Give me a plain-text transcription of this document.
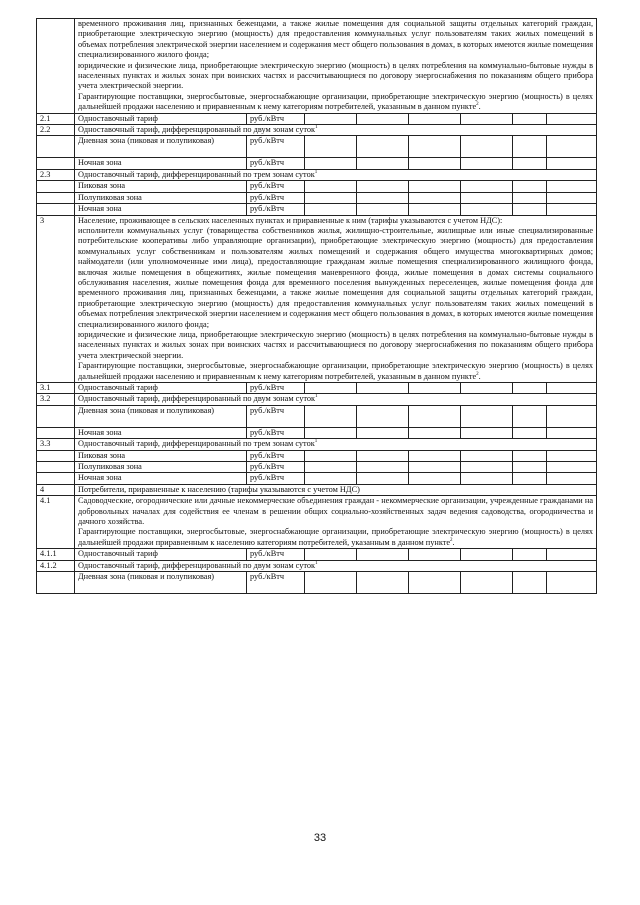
	временного проживания лиц, признанных беженцами, а также жилые помещения для социальной защиты отдельных категорий граждан, приобретающие электрическую энергию (мощность) для предоставления коммунальных услуг пользователям таких жилых помещений в объемах потребления электрической энергии населением и содержания мест общего пользования в домах, в которых имеются жилые помещения специализированного жилого фонда;

юридические и физические лица, приобретающие электрическую энергию (мощность) в целях потребления на коммунально-бытовые нужды в населенных пунктах и жилых зонах при воинских частях и рассчитывающиеся по договору энергоснабжения по показаниям общего прибора учета электрической энергии.

Гарантирующие поставщики, энергосбытовые, энергоснабжающие организации, приобретающие электрическую энергию (мощность) в целях дальнейшей продажи населению и приравненным к нему категориям потребителей, указанным в данном пункте$^2$.							

2.1	Одноставочный тариф	руб./кВтч						
2.2	Одноставочный тариф, дифференцированный по двум зонам суток$^1$
	Дневная зона (пиковая и полупиковая)	руб./кВтч						
	Ночная зона	руб./кВтч						
2.3	Одноставочный тариф, дифференцированный по трем зонам суток$^1$
	Пиковая зона	руб./кВтч						
	Полупиковая зона	руб./кВтч						
	Ночная зона	руб./кВтч						
3	Население, проживающее в сельских населенных пунктах и приравненные к ним (тарифы указываются с учетом НДС):

исполнители коммунальных услуг (товарищества собственников жилья, жилищно-строительные, жилищные или иные специализированные потребительские кооперативы либо управляющие организации), приобретающие электрическую энергию (мощность) для предоставления коммунальных услуг собственникам и пользователям жилых помещений и содержания общего имущества многоквартирных домов; наймодатели (или уполномоченные ими лица), предоставляющие гражданам жилые помещения специализированного жилищного фонда, включая жилые помещения в общежитиях, жилые помещения маневренного фонда, жилые помещения в домах системы социального обслуживания населения, жилые помещения фонда для временного поселения вынужденных переселенцев, жилые помещения фонда для временного проживания лиц, признанных беженцами, а также жилые помещения для социальной защиты отдельных категорий граждан, приобретающие электрическую энергию (мощность) для предоставления коммунальных услуг пользователям таких жилых помещений в объемах потребления электрической энергии населением и содержания мест общего пользования в домах, в которых имеются жилые помещения специализированного жилого фонда;

юридические и физические лица, приобретающие электрическую энергию (мощность) в целях потребления на коммунально-бытовые нужды в населенных пунктах и жилых зонах при воинских частях и рассчитывающиеся по договору энергоснабжения по показаниям общего прибора учета электрической энергии.

Гарантирующие поставщики, энергосбытовые, энергоснабжающие организации, приобретающие электрическую энергию (мощность) в целях дальнейшей продажи населению и приравненным к нему категориям потребителей, указанным в данном пункте$^2$.							

3.1	Одноставочный тариф	руб./кВтч						
3.2	Одноставочный тариф, дифференцированный по двум зонам суток$^1$
	Дневная зона (пиковая и полупиковая)	руб./кВтч						
	Ночная зона	руб./кВтч						
3.3	Одноставочный тариф, дифференцированный по трем зонам суток$^1$
	Пиковая зона	руб./кВтч						
	Полупиковая зона	руб./кВтч						
	Ночная зона	руб./кВтч						
4	Потребители, приравненные к населению (тарифы указываются с учетом НДС)							
4.1	Садоводческие, огороднические или дачные некоммерческие объединения граждан - некоммерческие организации, учрежденные гражданами на добровольных началах для содействия ее членам в решении общих социально-хозяйственных задач ведения садоводства, огородничества и дачного хозяйства.

Гарантирующие поставщики, энергосбытовые, энергоснабжающие организации, приобретающие электрическую энергию (мощность) в целях дальнейшей продажи приравненным к населению категориям потребителей, указанным в данном пункте$^2$.							

4.1.1	Одноставочный тариф	руб./кВтч						
4.1.2	Одноставочный тариф, дифференцированный по двум зонам суток$^1$
	Дневная зона (пиковая и полупиковая)	руб./кВтч						
33
